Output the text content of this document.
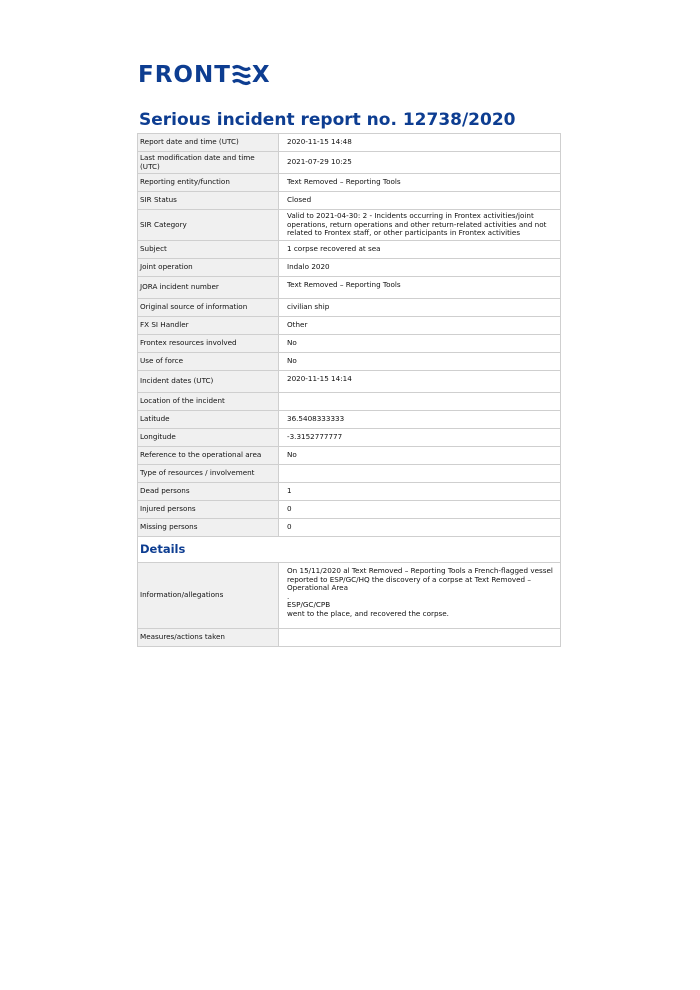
FRONT X
Serious incident report no. 12738/2020
Report date and time (UTC)	2020-11-15 14:48
Last modification date and time (UTC)	2021-07-29 10:25
Reporting entity/function	Text Removed – Reporting Tools
SIR Status	Closed
SIR Category	Valid to 2021-04-30: 2 - Incidents occurring in Frontex activities/joint operations, return operations and other return-related activities and not related to Frontex staff, or other participants in Frontex activities
Subject	1 corpse recovered at sea
Joint operation	Indalo 2020
JORA incident number	Text Removed – Reporting Tools
Original source of information	civilian ship
FX SI Handler	Other
Frontex resources involved	No
Use of force	No
Incident dates (UTC)	2020-11-15 14:14
Location of the incident	
Latitude	36.5408333333
Longitude	-3.3152777777
Reference to the operational area	No
Type of resources / involvement	
Dead persons	1
Injured persons	0
Missing persons	0
Details	
Information/allegations	On 15/11/2020 al Text Removed – Reporting Tools a French-flagged vessel reported to ESP/GC/HQ the discovery of a corpse at Text Removed – Operational Area
.
ESP/GC/CPB
went to the place, and recovered the corpse.
Measures/actions taken	
